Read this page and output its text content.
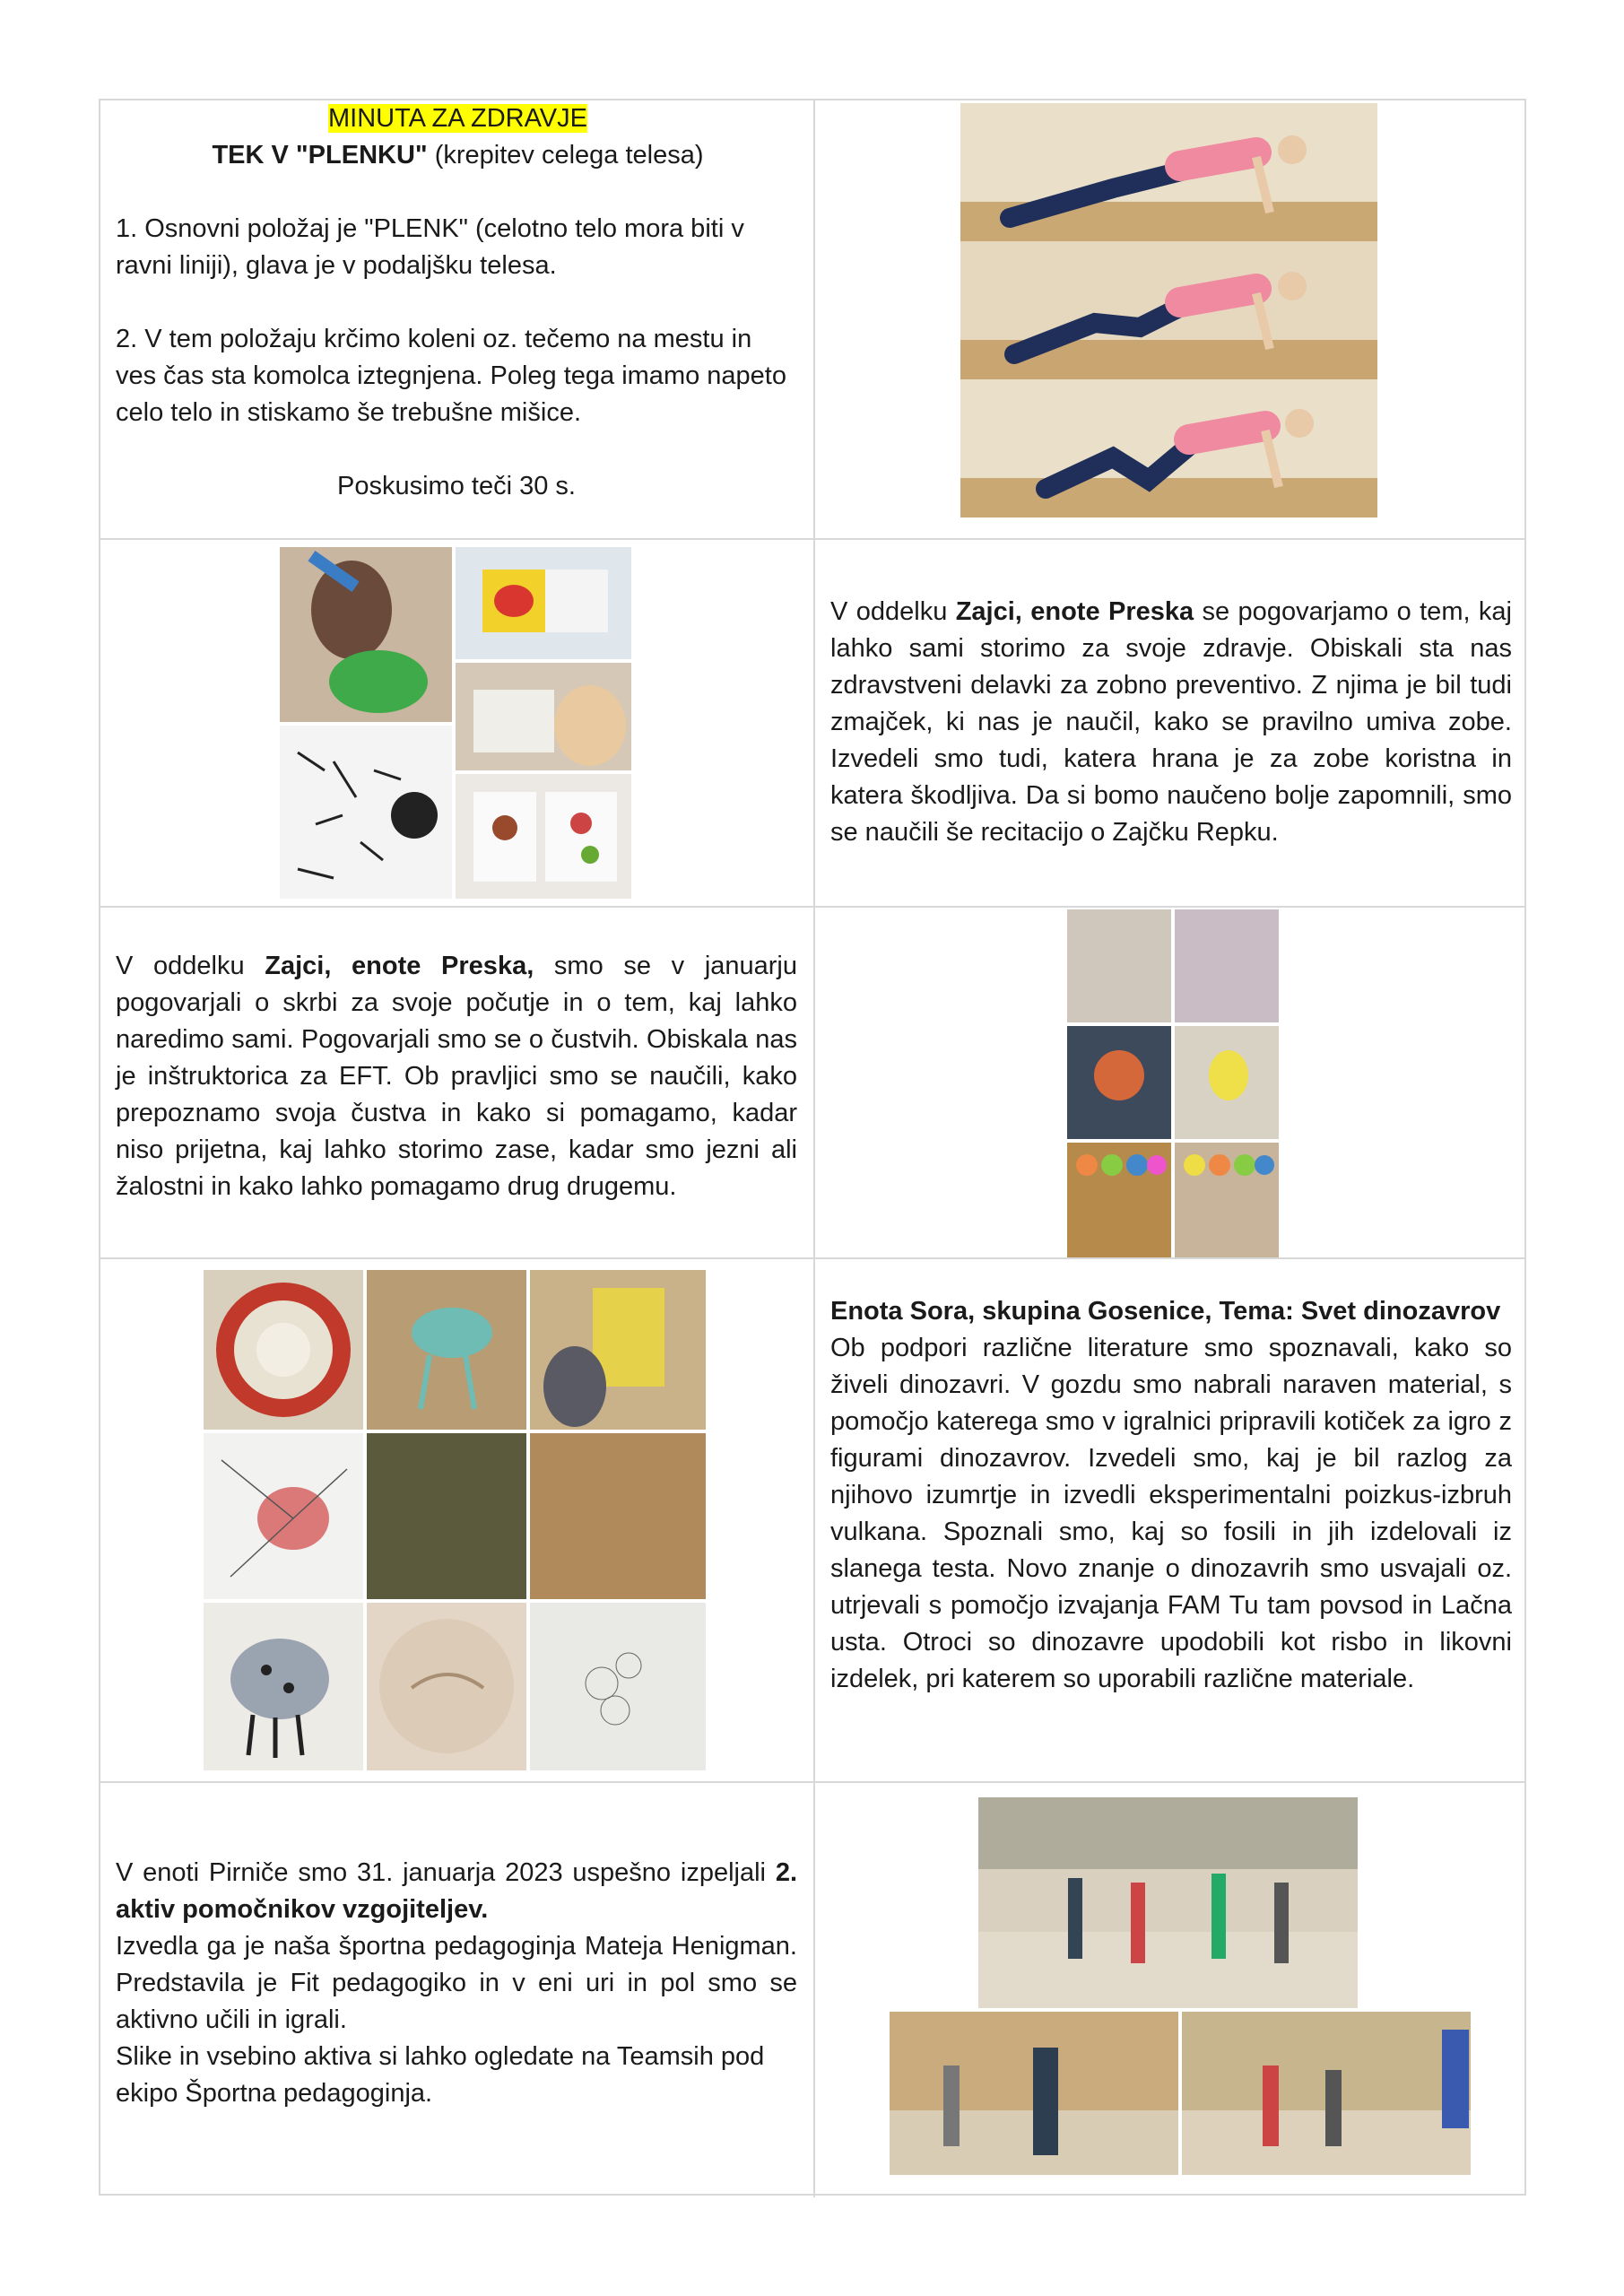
MINUTA ZA ZDRAVJE

TEK V "PLENKU" (krepitev celega telesa)

1. Osnovni položaj je "PLENK" (celotno telo mora biti v ravni liniji), glava je v podaljšku telesa.

2. V tem položaju krčimo koleni oz. tečemo na mestu in ves čas sta komolca iztegnjena. Poleg tega imamo napeto celo telo in stiskamo še trebušne mišice.

Poskusimo teči 30 s.

V oddelku Zajci, enote Preska se pogovarjamo o tem, kaj lahko sami storimo za svoje zdravje. Obiskali sta nas zdravstveni delavki za zobno preventivo. Z njima je bil tudi zmajček, ki nas je naučil, kako se pravilno umiva zobe. Izvedeli smo tudi, katera hrana je za zobe koristna in katera škodljiva. Da si bomo naučeno bolje zapomnili, smo se naučili še recitacijo o Zajčku Repku.

V oddelku Zajci, enote Preska, smo se v januarju pogovarjali o skrbi za svoje počutje in o tem, kaj lahko naredimo sami. Pogovarjali smo se o čustvih. Obiskala nas je inštruktorica za EFT. Ob pravljici smo se naučili, kako prepoznamo svoja čustva in kako si pomagamo, kadar niso prijetna, kaj lahko storimo zase, kadar smo jezni ali žalostni in kako lahko pomagamo drug drugemu.

Enota Sora, skupina Gosenice, Tema: Svet dinozavrov

Ob podpori različne literature smo spoznavali, kako so živeli dinozavri. V gozdu smo nabrali naraven material, s pomočjo katerega smo v igralnici pripravili kotiček za igro z figurami dinozavrov. Izvedeli smo, kaj je bil razlog za njihovo izumrtje in izvedli eksperimentalni poizkus-izbruh vulkana. Spoznali smo, kaj so fosili in jih izdelovali iz slanega testa. Novo znanje o dinozavrih smo usvajali oz. utrjevali s pomočjo izvajanja FAM Tu tam povsod in Lačna usta. Otroci so dinozavre upodobili kot risbo in likovni izdelek, pri katerem so uporabili različne materiale.

V enoti Pirniče smo 31. januarja 2023 uspešno izpeljali 2. aktiv pomočnikov vzgojiteljev.

Izvedla ga je naša športna pedagoginja Mateja Henigman. Predstavila je Fit pedagogiko in v eni uri in pol smo se aktivno učili in igrali.

Slike in vsebino aktiva si lahko ogledate na Teamsih pod ekipo Športna pedagoginja.
